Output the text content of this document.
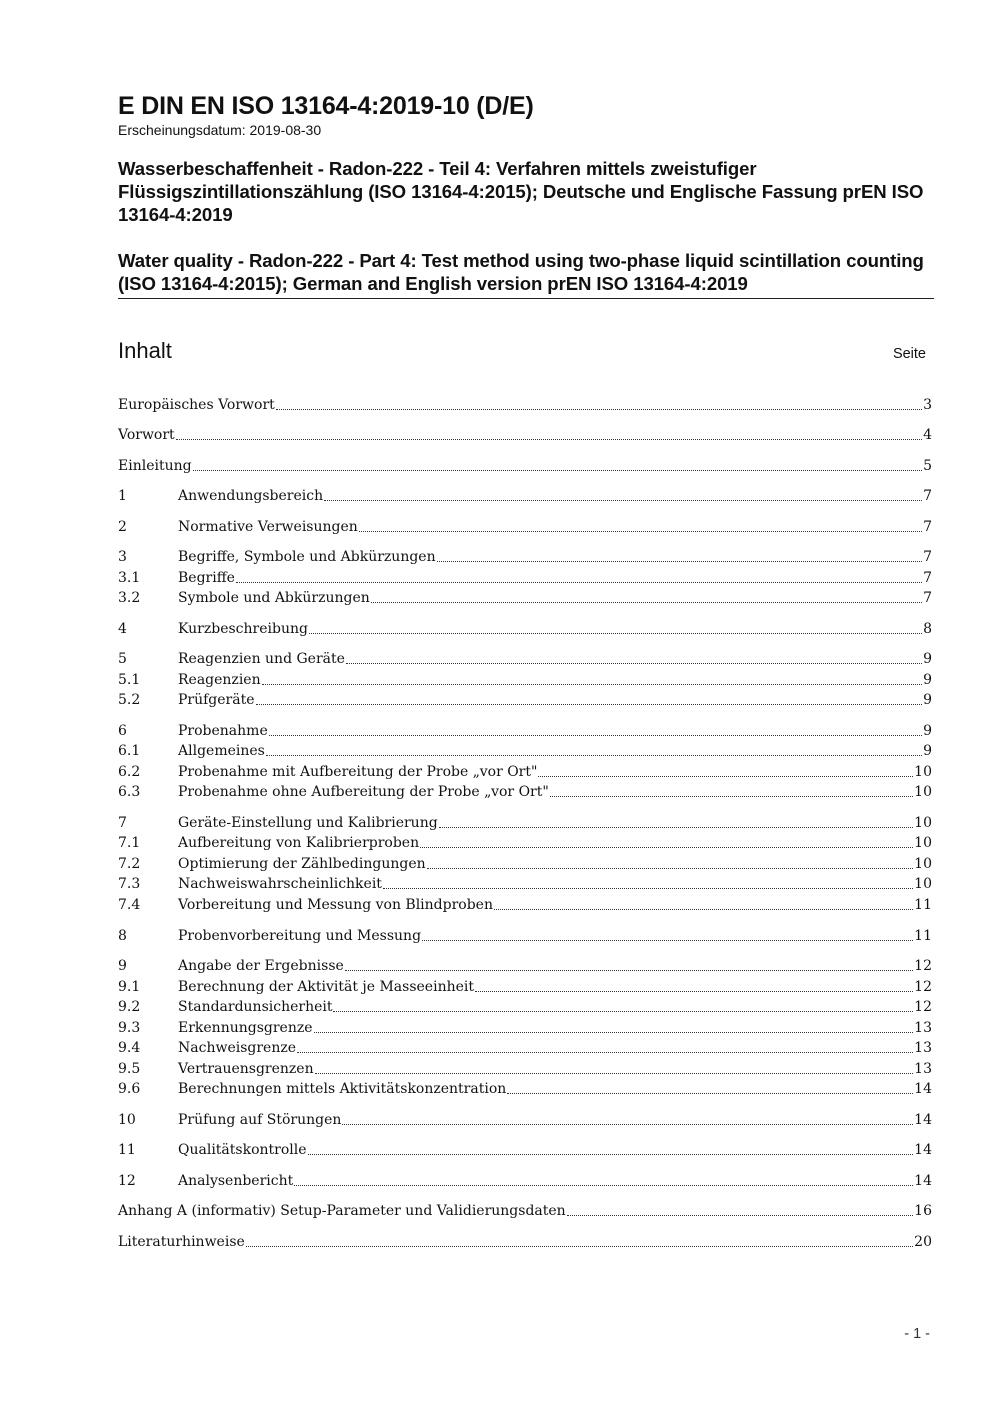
E DIN EN ISO 13164-4:2019-10 (D/E)
Erscheinungsdatum: 2019-08-30
Wasserbeschaffenheit - Radon-222 - Teil 4: Verfahren mittels zweistufiger Flüssigszintillationszählung (ISO 13164-4:2015); Deutsche und Englische Fassung prEN ISO 13164-4:2019
Water quality - Radon-222 - Part 4: Test method using two-phase liquid scintillation counting (ISO 13164-4:2015); German and English version prEN ISO 13164-4:2019
Inhalt	Seite
Europäisches Vorwort	3
Vorwort	4
Einleitung	5
1	Anwendungsbereich	7
2	Normative Verweisungen	7
3	Begriffe, Symbole und Abkürzungen	7
3.1	Begriffe	7
3.2	Symbole und Abkürzungen	7
4	Kurzbeschreibung	8
5	Reagenzien und Geräte	9
5.1	Reagenzien	9
5.2	Prüfgeräte	9
6	Probenahme	9
6.1	Allgemeines	9
6.2	Probenahme mit Aufbereitung der Probe „vor Ort"	10
6.3	Probenahme ohne Aufbereitung der Probe „vor Ort"	10
7	Geräte-Einstellung und Kalibrierung	10
7.1	Aufbereitung von Kalibrierproben	10
7.2	Optimierung der Zählbedingungen	10
7.3	Nachweiswahrscheinlichkeit	10
7.4	Vorbereitung und Messung von Blindproben	11
8	Probenvorbereitung und Messung	11
9	Angabe der Ergebnisse	12
9.1	Berechnung der Aktivität je Masseeinheit	12
9.2	Standardunsicherheit	12
9.3	Erkennungsgrenze	13
9.4	Nachweisgrenze	13
9.5	Vertrauensgrenzen	13
9.6	Berechnungen mittels Aktivitätskonzentration	14
10	Prüfung auf Störungen	14
11	Qualitätskontrolle	14
12	Analysenbericht	14
Anhang A (informativ) Setup-Parameter und Validierungsdaten	16
Literaturhinweise	20
- 1 -
